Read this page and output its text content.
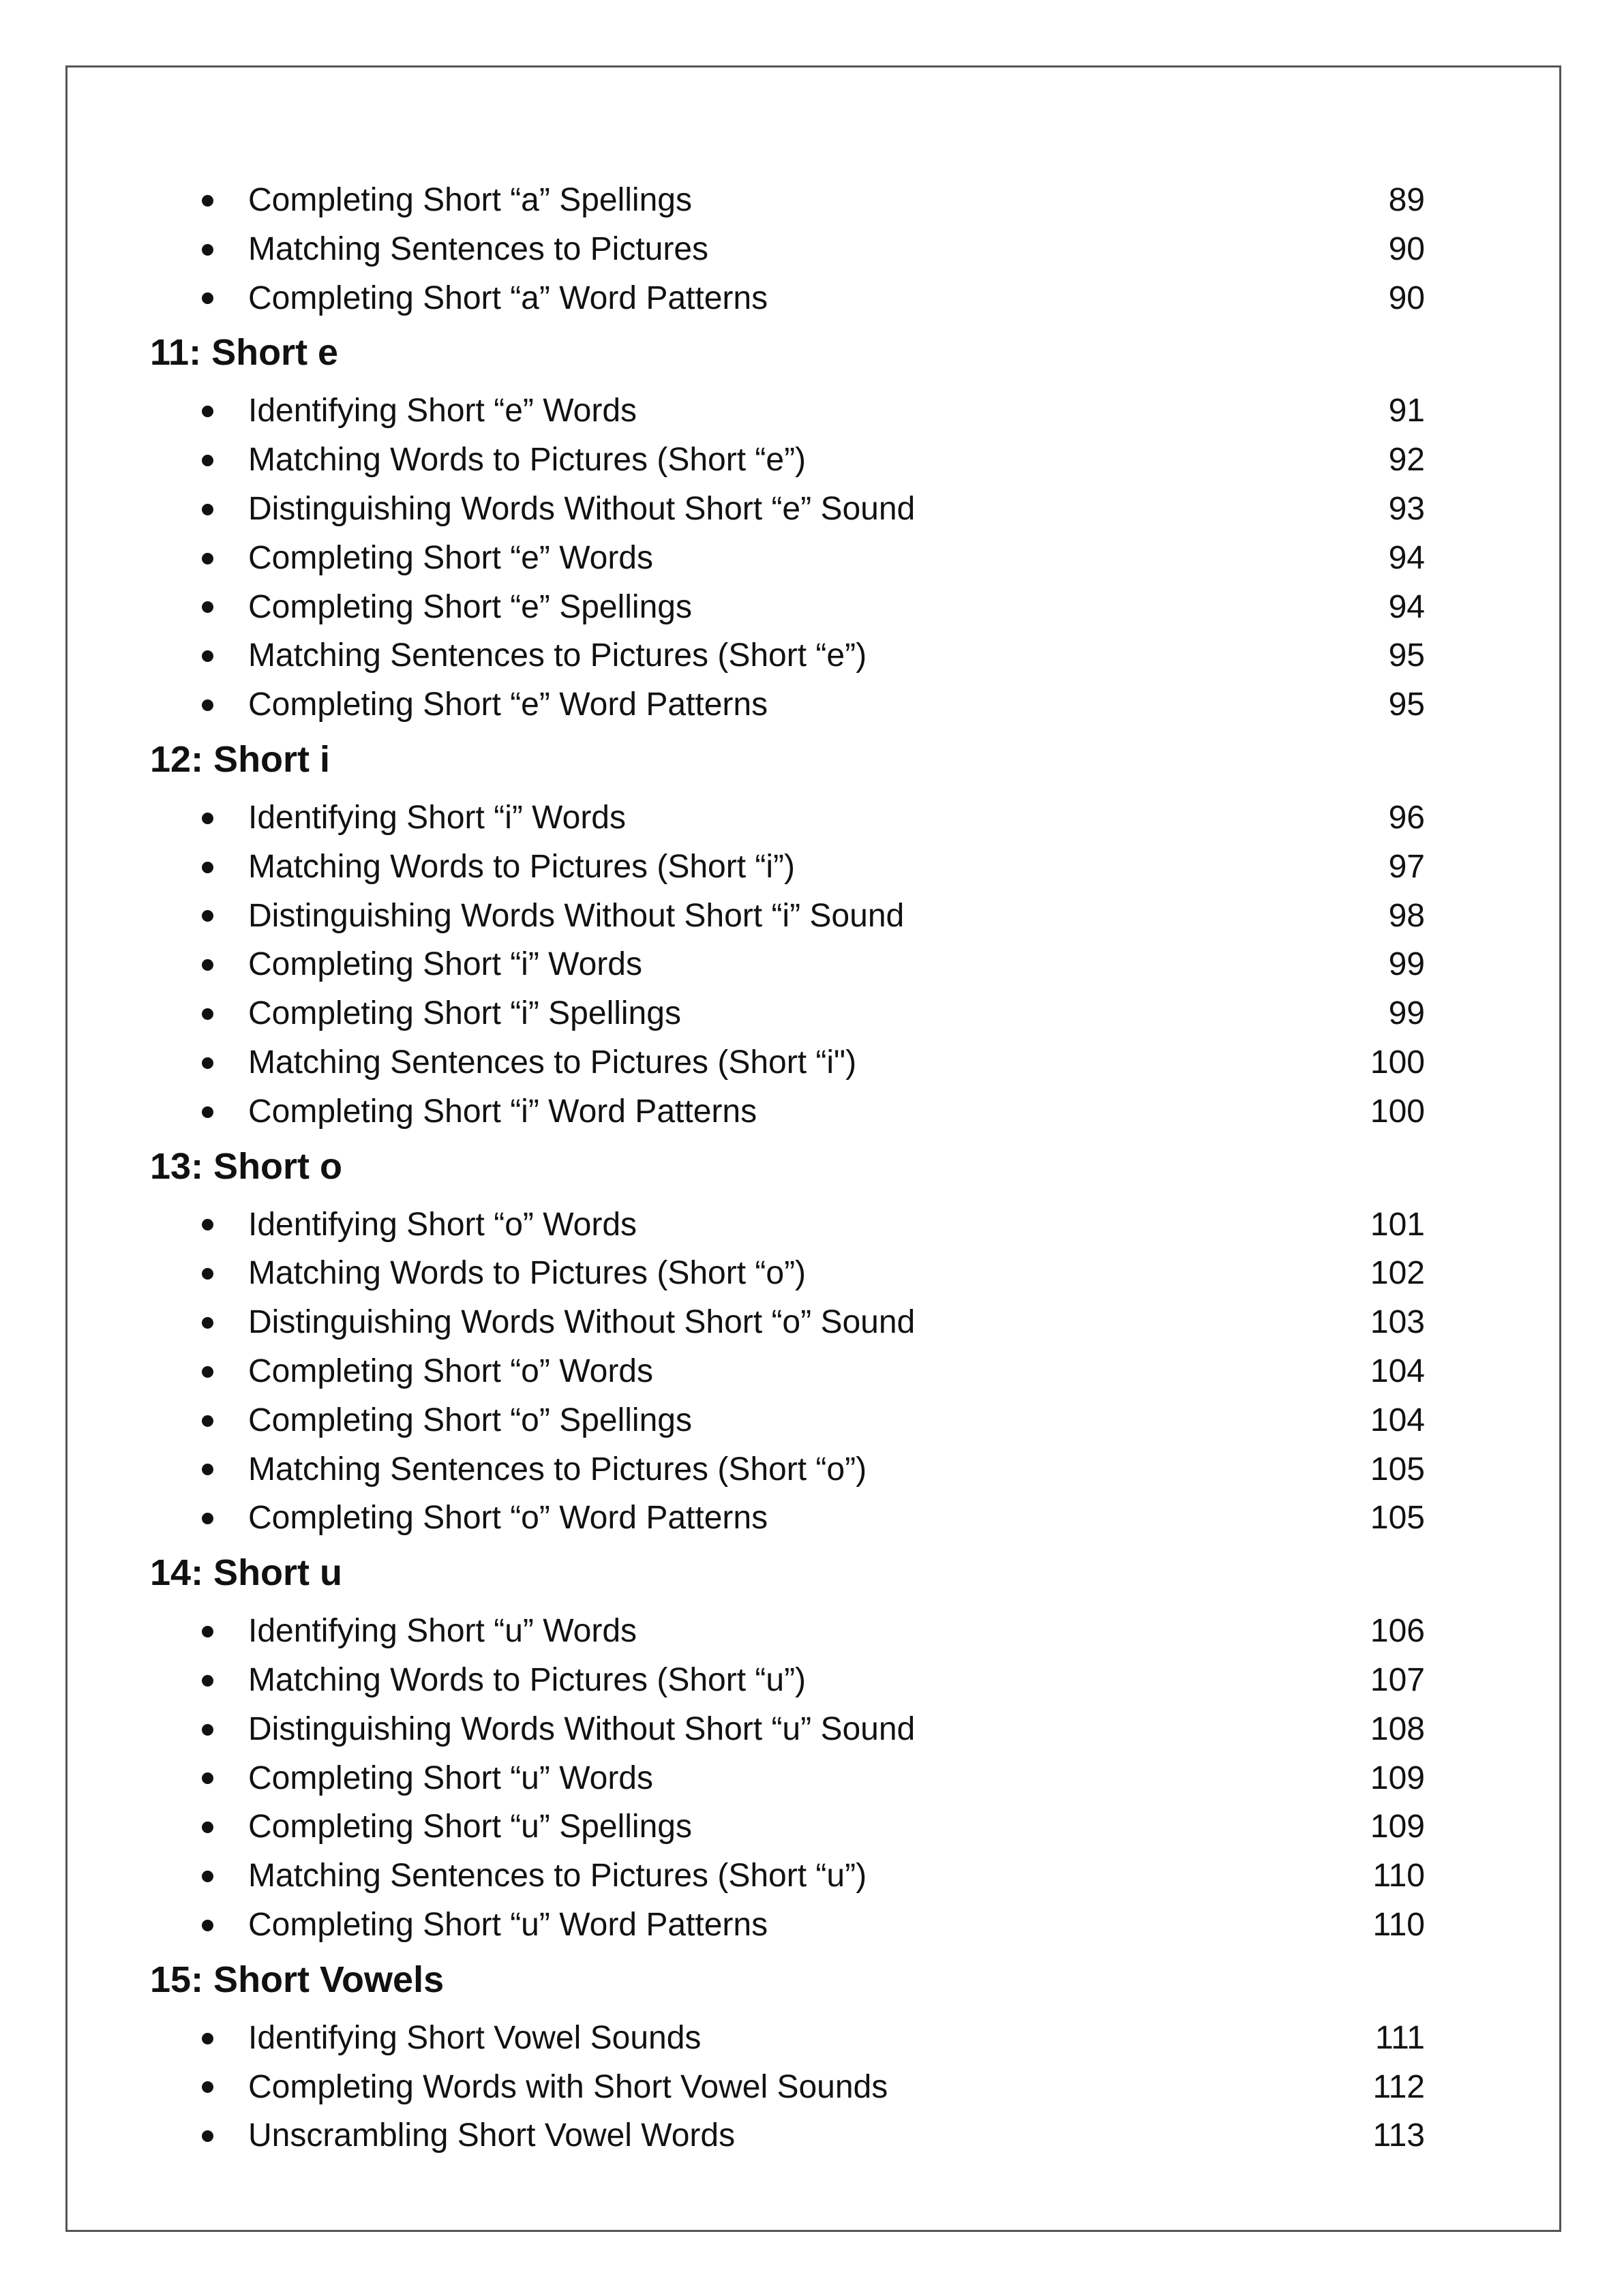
Completing Short “a” Spellings	89
Matching Sentences to Pictures	90
Completing Short “a” Word Patterns	90
11: Short e
Identifying Short “e” Words	91
Matching Words to Pictures (Short “e”)	92
Distinguishing Words Without Short “e” Sound	93
Completing Short “e” Words	94
Completing Short “e” Spellings	94
Matching Sentences to Pictures (Short “e”)	95
Completing Short “e” Word Patterns	95
12: Short i
Identifying Short “i” Words	96
Matching Words to Pictures (Short “i”)	97
Distinguishing Words Without Short “i” Sound	98
Completing Short “i” Words	99
Completing Short “i” Spellings	99
Matching Sentences to Pictures (Short “i")	100
Completing Short “i” Word Patterns	100
13: Short o
Identifying Short “o” Words	101
Matching Words to Pictures (Short “o”)	102
Distinguishing Words Without Short “o” Sound	103
Completing Short “o” Words	104
Completing Short “o” Spellings	104
Matching Sentences to Pictures (Short “o”)	105
Completing Short “o” Word Patterns	105
14: Short u
Identifying Short “u” Words	106
Matching Words to Pictures (Short “u”)	107
Distinguishing Words Without Short “u” Sound	108
Completing Short “u” Words	109
Completing Short “u” Spellings	109
Matching Sentences to Pictures (Short “u”)	110
Completing Short “u” Word Patterns	110
15: Short Vowels
Identifying Short Vowel Sounds	111
Completing Words with Short Vowel Sounds	112
Unscrambling Short Vowel Words	113
